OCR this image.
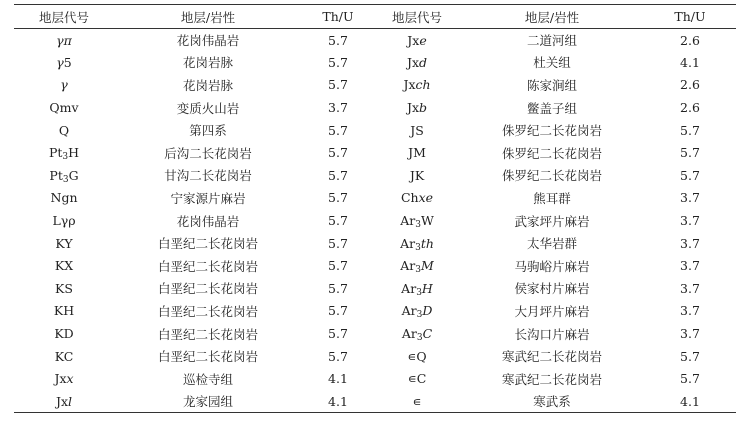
地层代号	地层/岩性	Th/U	地层代号	地层/岩性	Th/U
γπ	花岗伟晶岩	5.7	Jxe	二道河组	2.6
γ5	花岗岩脉	5.7	Jxd	杜关组	4.1
γ	花岗岩脉	5.7	Jxch	陈家涧组	2.6
Qmv	变质火山岩	3.7	Jxb	鳖盖子组	2.6
Q	第四系	5.7	JS	侏罗纪二长花岗岩	5.7
$Pt_3H$	后沟二长花岗岩	5.7	JM	侏罗纪二长花岗岩	5.7
$Pt_3G$	甘沟二长花岗岩	5.7	JK	侏罗纪二长花岗岩	5.7
Ngn	宁家源片麻岩	5.7	Chxe	熊耳群	3.7
Lγρ	花岗伟晶岩	5.7	$Ar_3W$	武家坪片麻岩	3.7
KY	白垩纪二长花岗岩	5.7	$Ar_3th$	太华岩群	3.7
KX	白垩纪二长花岗岩	5.7	$Ar_3M$	马驹峪片麻岩	3.7
KS	白垩纪二长花岗岩	5.7	$Ar_3H$	侯家村片麻岩	3.7
KH	白垩纪二长花岗岩	5.7	$Ar_3D$	大月坪片麻岩	3.7
KD	白垩纪二长花岗岩	5.7	$Ar_3C$	长沟口片麻岩	3.7
KC	白垩纪二长花岗岩	5.7	∊Q	寒武纪二长花岗岩	5.7
Jxx	巡检寺组	4.1	∊C	寒武纪二长花岗岩	5.7
Jxl	龙家园组	4.1	∊	寒武系	4.1
